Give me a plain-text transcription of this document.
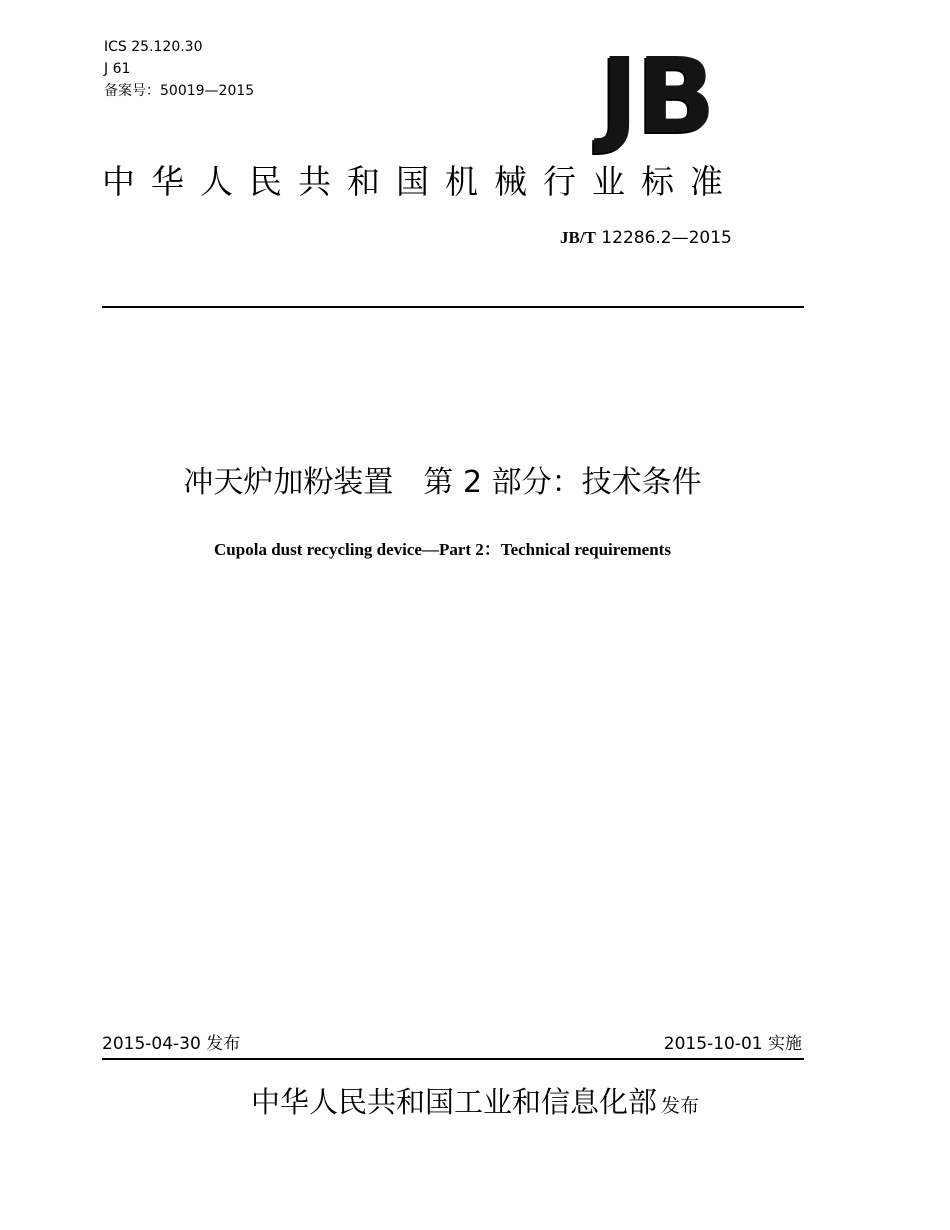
ICS 25.120.30
J 61
备案号：50019—2015	JB
中华人民共和国机械行业标准
JB/T 12286.2—2015
冲天炉加粉装置　第 2 部分：技术条件
Cupola dust recycling device—Part 2：Technical requirements
2015-04-30 发布	2015-10-01 实施
中华人民共和国工业和信息化部 发布
